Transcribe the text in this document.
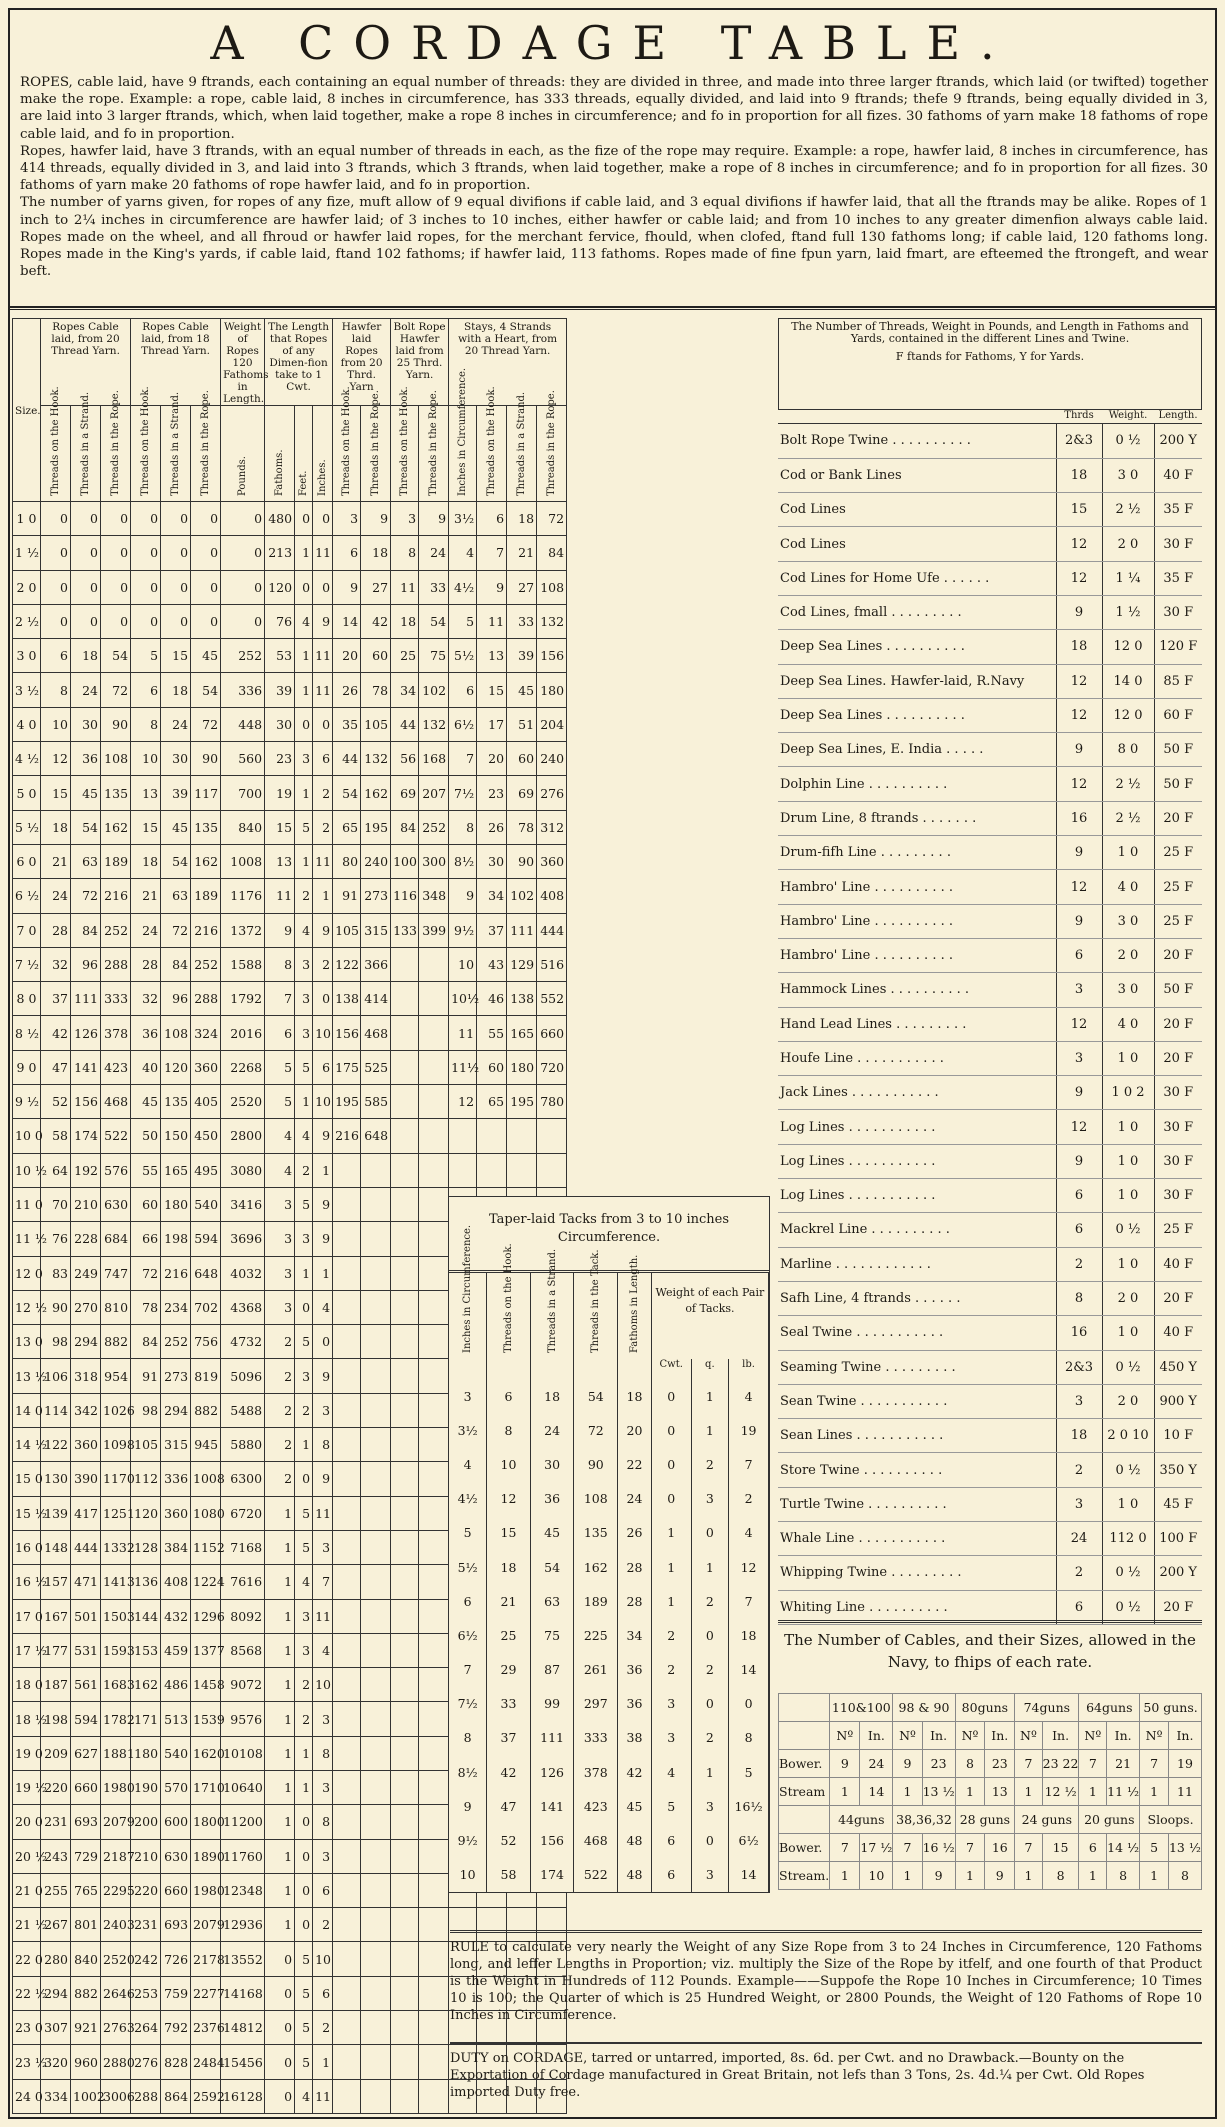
A CORDAGE TABLE.

ROPES, cable laid, have 9 ftrands, each containing an equal number of threads: they are divided in three, and made into three larger ftrands, which laid (or twifted) together make the rope. Example: a rope, cable laid, 8 inches in circumference, has 333 threads, equally divided, and laid into 9 ftrands; thefe 9 ftrands, being equally divided in 3, are laid into 3 larger ftrands, which, when laid together, make a rope 8 inches in circumference; and fo in proportion for all fizes. 30 fathoms of yarn make 18 fathoms of rope cable laid, and fo in proportion.

Ropes, hawfer laid, have 3 ftrands, with an equal number of threads in each, as the fize of the rope may require. Example: a rope, hawfer laid, 8 inches in circumference, has 414 threads, equally divided in 3, and laid into 3 ftrands, which 3 ftrands, when laid together, make a rope of 8 inches in circumference; and fo in proportion for all fizes. 30 fathoms of yarn make 20 fathoms of rope hawfer laid, and fo in proportion.

The number of yarns given, for ropes of any fize, muft allow of 9 equal divifions if cable laid, and 3 equal divifions if hawfer laid, that all the ftrands may be alike. Ropes of 1 inch to 2¼ inches in circumference are hawfer laid; of 3 inches to 10 inches, either hawfer or cable laid; and from 10 inches to any greater dimenfion always cable laid. Ropes made on the wheel, and all fhroud or hawfer laid ropes, for the merchant fervice, fhould, when clofed, ftand full 130 fathoms long; if cable laid, 120 fathoms long. Ropes made in the King's yards, if cable laid, ftand 102 fathoms; if hawfer laid, 113 fathoms. Ropes made of fine fpun yarn, laid fmart, are efteemed the ftrongeft, and wear beft.

Size.	Ropes Cable laid, from 20 Thread Yarn.			Ropes Cable laid, from 18 Thread Yarn.			Weight of Ropes 120 Fathoms in Length.	The Length that Ropes of any Dimen-fion take to 1 Cwt.			Hawfer laid Ropes from 20 Thrd. Yarn		Bolt Rope Hawfer laid from 25 Thrd. Yarn.		Stays, 4 Strands with a Heart, from 20 Thread Yarn.			
	Threads on the Hook.	Threads in a Strand.	Threads in the Rope.	Threads on the Hook.	Threads in a Strand.	Threads in the Rope.	Pounds.	Fathoms.	Feet.	Inches.	Threads on the Hook.	Threads in the Rope.	Threads on the Hook.	Threads in the Rope.	Inches in Circumference.	Threads on the Hook.	Threads in a Strand.	Threads in the Rope.
1 0	0	0	0	0	0	0	0	480	0	0	3	9	3	9	3½	6	18	72
1 ½	0	0	0	0	0	0	0	213	1	11	6	18	8	24	4	7	21	84
2 0	0	0	0	0	0	0	0	120	0	0	9	27	11	33	4½	9	27	108
2 ½	0	0	0	0	0	0	0	76	4	9	14	42	18	54	5	11	33	132
3 0	6	18	54	5	15	45	252	53	1	11	20	60	25	75	5½	13	39	156
3 ½	8	24	72	6	18	54	336	39	1	11	26	78	34	102	6	15	45	180
4 0	10	30	90	8	24	72	448	30	0	0	35	105	44	132	6½	17	51	204
4 ½	12	36	108	10	30	90	560	23	3	6	44	132	56	168	7	20	60	240
5 0	15	45	135	13	39	117	700	19	1	2	54	162	69	207	7½	23	69	276
5 ½	18	54	162	15	45	135	840	15	5	2	65	195	84	252	8	26	78	312
6 0	21	63	189	18	54	162	1008	13	1	11	80	240	100	300	8½	30	90	360
6 ½	24	72	216	21	63	189	1176	11	2	1	91	273	116	348	9	34	102	408
7 0	28	84	252	24	72	216	1372	9	4	9	105	315	133	399	9½	37	111	444
7 ½	32	96	288	28	84	252	1588	8	3	2	122	366			10	43	129	516
8 0	37	111	333	32	96	288	1792	7	3	0	138	414			10½	46	138	552
8 ½	42	126	378	36	108	324	2016	6	3	10	156	468			11	55	165	660
9 0	47	141	423	40	120	360	2268	5	5	6	175	525			11½	60	180	720
9 ½	52	156	468	45	135	405	2520	5	1	10	195	585			12	65	195	780
10 0	58	174	522	50	150	450	2800	4	4	9	216	648						
10 ½	64	192	576	55	165	495	3080	4	2	1								
11 0	70	210	630	60	180	540	3416	3	5	9								
11 ½	76	228	684	66	198	594	3696	3	3	9								
12 0	83	249	747	72	216	648	4032	3	1	1								
12 ½	90	270	810	78	234	702	4368	3	0	4								
13 0	98	294	882	84	252	756	4732	2	5	0								
13 ½	106	318	954	91	273	819	5096	2	3	9								
14 0	114	342	1026	98	294	882	5488	2	2	3								
14 ½	122	360	1098	105	315	945	5880	2	1	8								
15 0	130	390	1170	112	336	1008	6300	2	0	9								
15 ½	139	417	1251	120	360	1080	6720	1	5	11								
16 0	148	444	1332	128	384	1152	7168	1	5	3								
16 ½	157	471	1413	136	408	1224	7616	1	4	7								
17 0	167	501	1503	144	432	1296	8092	1	3	11								
17 ½	177	531	1593	153	459	1377	8568	1	3	4								
18 0	187	561	1683	162	486	1458	9072	1	2	10								
18 ½	198	594	1782	171	513	1539	9576	1	2	3								
19 0	209	627	1881	180	540	1620	10108	1	1	8								
19 ½	220	660	1980	190	570	1710	10640	1	1	3								
20 0	231	693	2079	200	600	1800	11200	1	0	8								
20 ½	243	729	2187	210	630	1890	11760	1	0	3								
21 0	255	765	2295	220	660	1980	12348	1	0	6								
21 ½	267	801	2403	231	693	2079	12936	1	0	2								
22 0	280	840	2520	242	726	2178	13552	0	5	10								
22 ½	294	882	2646	253	759	2277	14168	0	5	6								
23 0	307	921	2763	264	792	2376	14812	0	5	2								
23 ½	320	960	2880	276	828	2484	15456	0	5	1								
24 0	334	1002	3006	288	864	2592	16128	0	4	11								
The Number of Threads, Weight in Pounds, and Length in Fathoms and Yards, contained in the different Lines and Twine.
F ftands for Fathoms, Y for Yards.
Thrds	Weight.	Length.
Bolt Rope Twine . . . . . . . . . .	2&3	0 ½	200 Y
Cod or Bank Lines	18	3 0	40 F
Cod Lines	15	2 ½	35 F
Cod Lines	12	2 0	30 F
Cod Lines for Home Ufe . . . . . .	12	1 ¼	35 F
Cod Lines, fmall . . . . . . . . .	9	1 ½	30 F
Deep Sea Lines . . . . . . . . . .	18	12 0	120 F
Deep Sea Lines. Hawfer-laid, R.Navy	12	14 0	85 F
Deep Sea Lines . . . . . . . . . .	12	12 0	60 F
Deep Sea Lines, E. India . . . . .	9	8 0	50 F
Dolphin Line . . . . . . . . . .	12	2 ½	50 F
Drum Line, 8 ftrands . . . . . . .	16	2 ½	20 F
Drum-fifh Line . . . . . . . . .	9	1 0	25 F
Hambro' Line . . . . . . . . . .	12	4 0	25 F
Hambro' Line . . . . . . . . . .	9	3 0	25 F
Hambro' Line . . . . . . . . . .	6	2 0	20 F
Hammock Lines . . . . . . . . . .	3	3 0	50 F
Hand Lead Lines . . . . . . . . .	12	4 0	20 F
Houfe Line . . . . . . . . . . .	3	1 0	20 F
Jack Lines . . . . . . . . . . .	9	1 0 2	30 F
Log Lines . . . . . . . . . . .	12	1 0	30 F
Log Lines . . . . . . . . . . .	9	1 0	30 F
Log Lines . . . . . . . . . . .	6	1 0	30 F
Mackrel Line . . . . . . . . . .	6	0 ½	25 F
Marline . . . . . . . . . . . .	2	1 0	40 F
Safh Line, 4 ftrands . . . . . .	8	2 0	20 F
Seal Twine . . . . . . . . . . .	16	1 0	40 F
Seaming Twine . . . . . . . . .	2&3	0 ½	450 Y
Sean Twine . . . . . . . . . . .	3	2 0	900 Y
Sean Lines . . . . . . . . . . .	18	2 0 10	10 F
Store Twine . . . . . . . . . .	2	0 ½	350 Y
Turtle Twine . . . . . . . . . .	3	1 0	45 F
Whale Line . . . . . . . . . . .	24	112 0	100 F
Whipping Twine . . . . . . . . .	2	0 ½	200 Y
Whiting Line . . . . . . . . . .	6	0 ½	20 F
Taper-laid Tacks from 3 to 10 inches Circumference.
Inches in Circumference.	Threads on the Hook.	Threads in a Strand.	Threads in the Tack.	Fathoms in Length.	Weight of each Pair of Tacks.		
					Cwt.	q.	lb.
3	6	18	54	18	0	1	4
3½	8	24	72	20	0	1	19
4	10	30	90	22	0	2	7
4½	12	36	108	24	0	3	2
5	15	45	135	26	1	0	4
5½	18	54	162	28	1	1	12
6	21	63	189	28	1	2	7
6½	25	75	225	34	2	0	18
7	29	87	261	36	2	2	14
7½	33	99	297	36	3	0	0
8	37	111	333	38	3	2	8
8½	42	126	378	42	4	1	5
9	47	141	423	45	5	3	16½
9½	52	156	468	48	6	0	6½
10	58	174	522	48	6	3	14
The Number of Cables, and their Sizes, allowed in the Navy, to fhips of each rate.
	110&100		98 & 90		80guns		74guns		64guns		50 guns.	
	Nº	In.	Nº	In.	Nº	In.	Nº	In.	Nº	In.	Nº	In.
Bower.	9	24	9	23	8	23	7	23 22	7	21	7	19
Stream	1	14	1	13 ½	1	13	1	12 ½	1	11 ½	1	11
	44guns		38,36,32		28 guns		24 guns		20 guns		Sloops.	
Bower.	7	17 ½	7	16 ½	7	16	7	15	6	14 ½	5	13 ½
Stream.	1	10	1	9	1	9	1	8	1	8	1	8
RULE to calculate very nearly the Weight of any Size Rope from 3 to 24 Inches in Circumference, 120 Fathoms long, and leffer Lengths in Proportion; viz. multiply the Size of the Rope by itfelf, and one fourth of that Product is the Weight in Hundreds of 112 Pounds. Example——Suppofe the Rope 10 Inches in Circumference; 10 Times 10 is 100; the Quarter of which is 25 Hundred Weight, or 2800 Pounds, the Weight of 120 Fathoms of Rope 10 Inches in Circumference.
DUTY on CORDAGE, tarred or untarred, imported, 8s. 6d. per Cwt. and no Drawback.—Bounty on the Exportation of Cordage manufactured in Great Britain, not lefs than 3 Tons, 2s. 4d.¼ per Cwt. Old Ropes imported Duty free.
